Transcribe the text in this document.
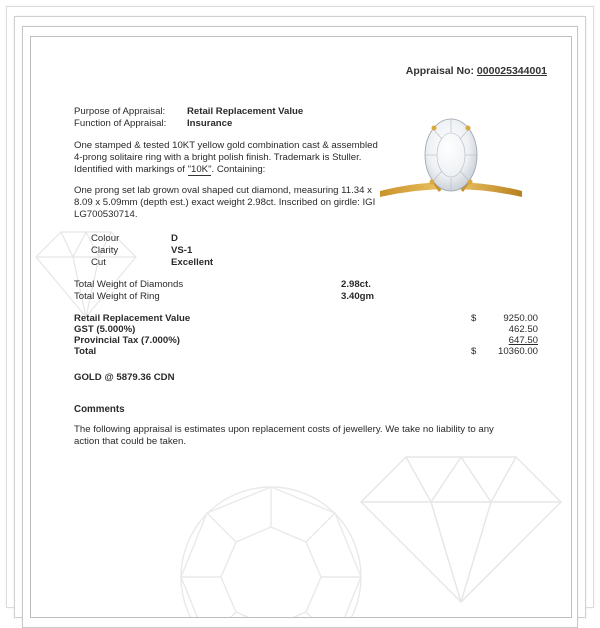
Appraisal No: 000025344001
Purpose of Appraisal: Retail Replacement Value
Function of Appraisal: Insurance
One stamped & tested 10KT yellow gold combination cast & assembled 4-prong solitaire ring with a bright polish finish. Trademark is Stuller. Identified with markings of "10K". Containing:
One prong set lab grown oval shaped cut diamond, measuring 11.34 x 8.09 x 5.09mm (depth est.) exact weight 2.98ct. Inscribed on girdle: IGI LG700530714.
Colour	D
Clarity	VS-1
Cut	Excellent
Total Weight of Diamonds	2.98ct.
Total Weight of Ring	3.40gm
Retail Replacement Value	$	9250.00
GST (5.000%)	462.50
Provincial Tax (7.000%)	647.50
Total	$ 10360.00
GOLD @ 5879.36 CDN
Comments
The following appraisal is estimates upon replacement costs of jewellery. We take no liability to any action that could be taken.
